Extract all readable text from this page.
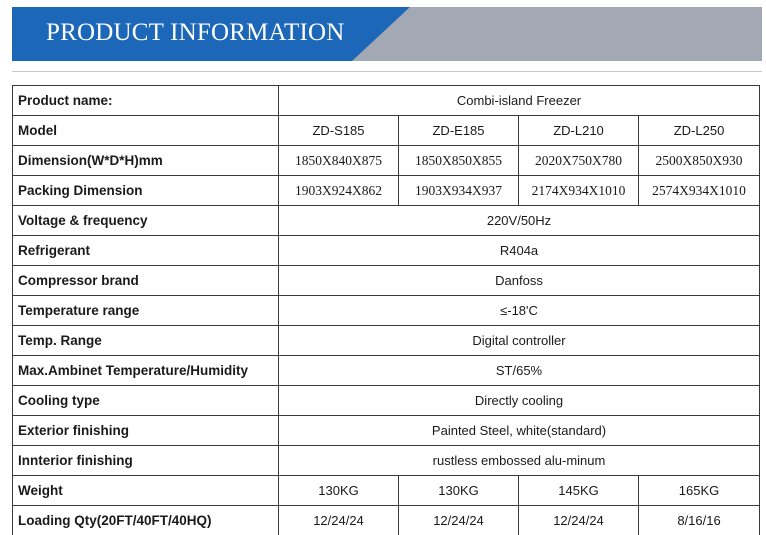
PRODUCT INFORMATION
Product name:	Combi-island Freezer			
Model	ZD-S185	ZD-E185	ZD-L210	ZD-L250
Dimension(W*D*H)mm	1850X840X875	1850X850X855	2020X750X780	2500X850X930
Packing Dimension	1903X924X862	1903X934X937	2174X934X1010	2574X934X1010
Voltage & frequency	220V/50Hz			
Refrigerant	R404a			
Compressor brand	Danfoss			
Temperature range	≤-18'C			
Temp. Range	Digital controller			
Max.Ambinet Temperature/Humidity	ST/65%			
Cooling type	Directly cooling			
Exterior finishing	Painted Steel, white(standard)			
Innterior finishing	rustless embossed alu-minum			
Weight	130KG	130KG	145KG	165KG
Loading Qty(20FT/40FT/40HQ)	12/24/24	12/24/24	12/24/24	8/16/16
